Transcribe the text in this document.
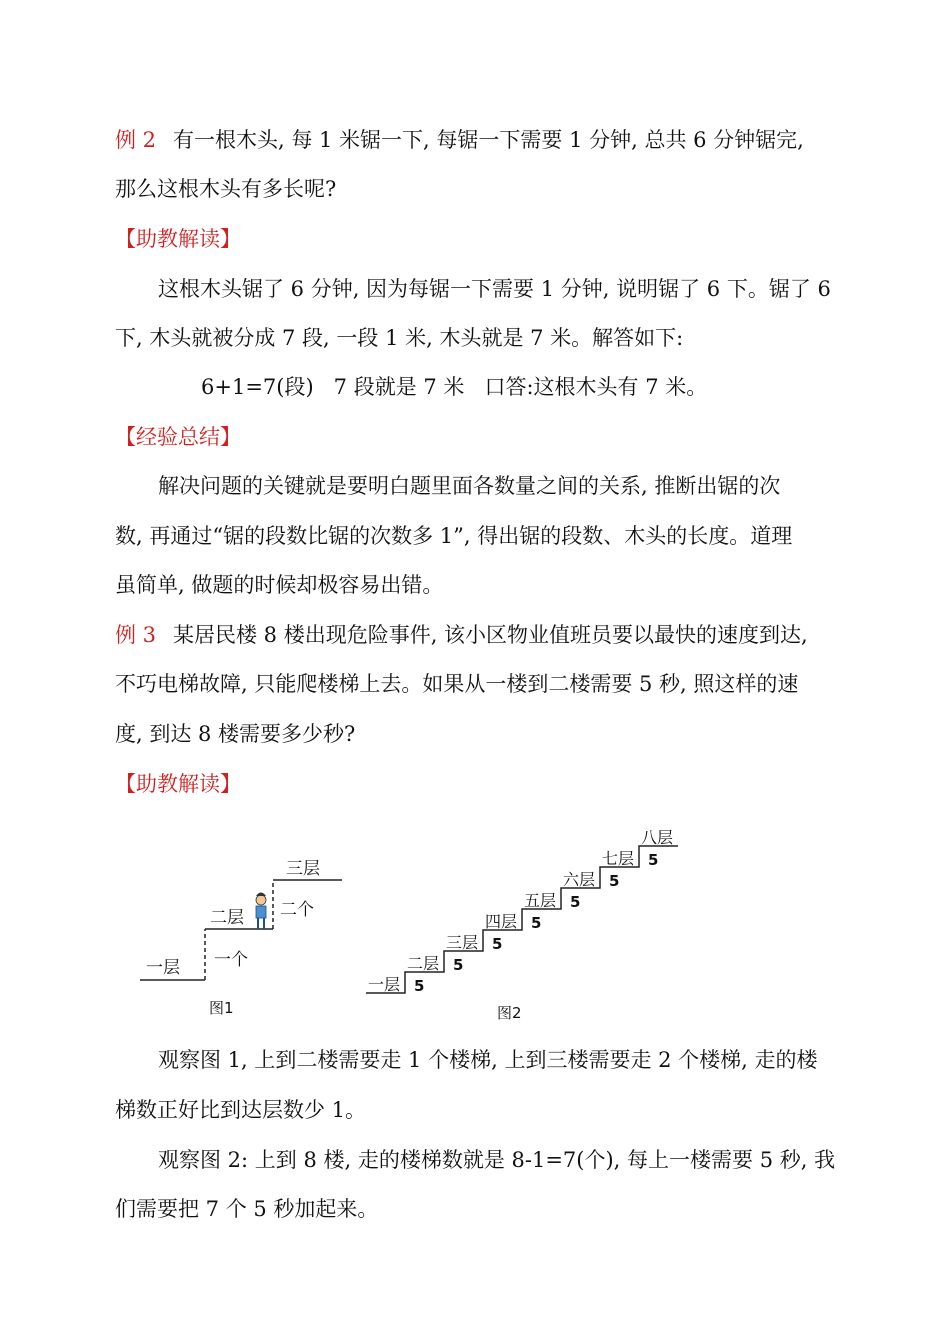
例 2 有一根木头, 每 1 米锯一下, 每锯一下需要 1 分钟, 总共 6 分钟锯完,
那么这根木头有多长呢?
【助教解读】
这根木头锯了 6 分钟, 因为每锯一下需要 1 分钟, 说明锯了 6 下。锯了 6
下, 木头就被分成 7 段, 一段 1 米, 木头就是 7 米。解答如下:
6+1=7(段)   7 段就是 7 米   口答:这根木头有 7 米。
【经验总结】
解决问题的关键就是要明白题里面各数量之间的关系, 推断出锯的次
数, 再通过“锯的段数比锯的次数多 1”, 得出锯的段数、木头的长度。道理
虽简单, 做题的时候却极容易出错。
例 3 某居民楼 8 楼出现危险事件, 该小区物业值班员要以最快的速度到达,
不巧电梯故障, 只能爬楼梯上去。如果从一楼到二楼需要 5 秒, 照这样的速
度, 到达 8 楼需要多少秒?
【助教解读】
一层
二层
三层
一个
二个
图1
一层 5
二层 5
三层 5
四层 5
五层 5
六层 5
七层 5
八层
图2
观察图 1, 上到二楼需要走 1 个楼梯, 上到三楼需要走 2 个楼梯, 走的楼
梯数正好比到达层数少 1。
观察图 2: 上到 8 楼, 走的楼梯数就是 8-1=7(个), 每上一楼需要 5 秒, 我
们需要把 7 个 5 秒加起来。
